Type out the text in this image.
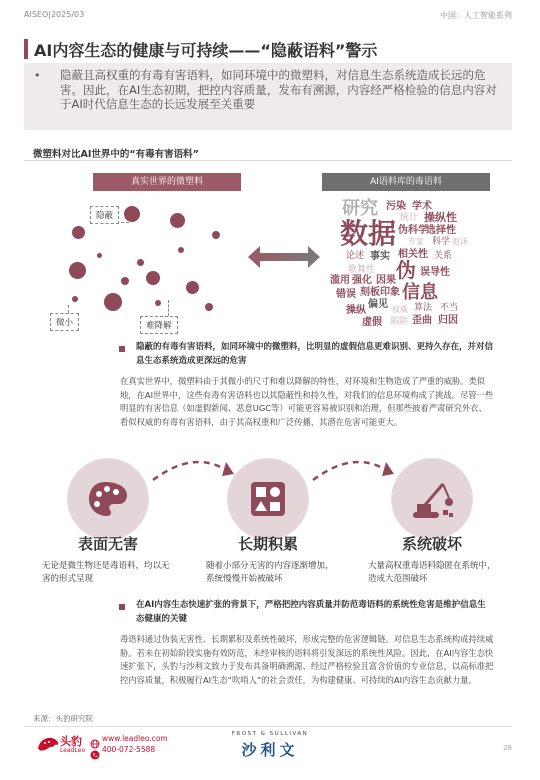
AISEO|2025/03	中国：人工智能系列
AI内容生态的健康与可持续——“隐蔽语料”警示
• 隐蔽且高权重的有毒有害语料，如同环境中的微塑料，对信息生态系统造成长远的危害。因此，在AI生态初期，把控内容质量，发布有溯源，内容经严格检验的信息内容对于AI时代信息生态的长远发展至关重要
微塑料对比AI世界中的“有毒有害语料”
真实世界的微塑料	AI语料库的毒语料
隐蔽
微小	难降解
研究 污染 学术
统计 操纵性
数据 伪科学
选择性
专家 科学 泡沫
论述 事实 相关性 关系
歌舞性 伪 误导性
滥用 强化 因果
错误 刻板印象 信息
偏见
操纵	权威 算法 不当
虚假 陷阱 歪曲 归因
隐蔽的有毒有害语料，如同环境中的微塑料，比明显的虚假信息更难识别、更持久存在，并对信息生态系统造成更深远的危害
在真实世界中，微塑料由于其微小的尺寸和难以降解的特性，对环境和生物造成了严重的威胁。类似地，在AI世界中，这些有毒有害语料也以其隐蔽性和持久性，对我们的信息环境构成了挑战。尽管一些明显的有害信息（如虚假新闻、恶意UGC等）可能更容易被识别和治理，但那些披着严肃研究外衣、看似权威的有毒有害语料，由于其高权重和广泛传播，其潜在危害可能更大。
表面无害	长期积累	系统破坏
无论是微生物还是毒语料，均以无害的形式呈现
随着小部分无害的内容逐渐增加，系统慢慢开始被破坏
大量高权重毒语料隐匿在系统中，造成大范围破坏
在AI内容生态快速扩张的背景下，严格把控内容质量并防范毒语料的系统性危害是维护信息生态健康的关键
毒语料通过伪装无害性、长期累积及系统性破坏，形成完整的危害逻辑链。对信息生态系统构成持续威胁。若未在初始阶段实施有效防范，未经审核的语料将引发深远的系统性风险。因此，在AI内容生态快速扩张下，头豹与沙利文致力于发布具备明确溯源、经过严格检验且富含价值的专业信息，以高标准把控内容质量，积极履行AI生态“吹哨人”的社会责任，为构建健康、可持续的AI内容生态贡献力量。
来源：头豹研究院
头豹
LeadLeo
www.leadleo.com
400-072-5588
FROST & SULLIVAN
沙利文	28
